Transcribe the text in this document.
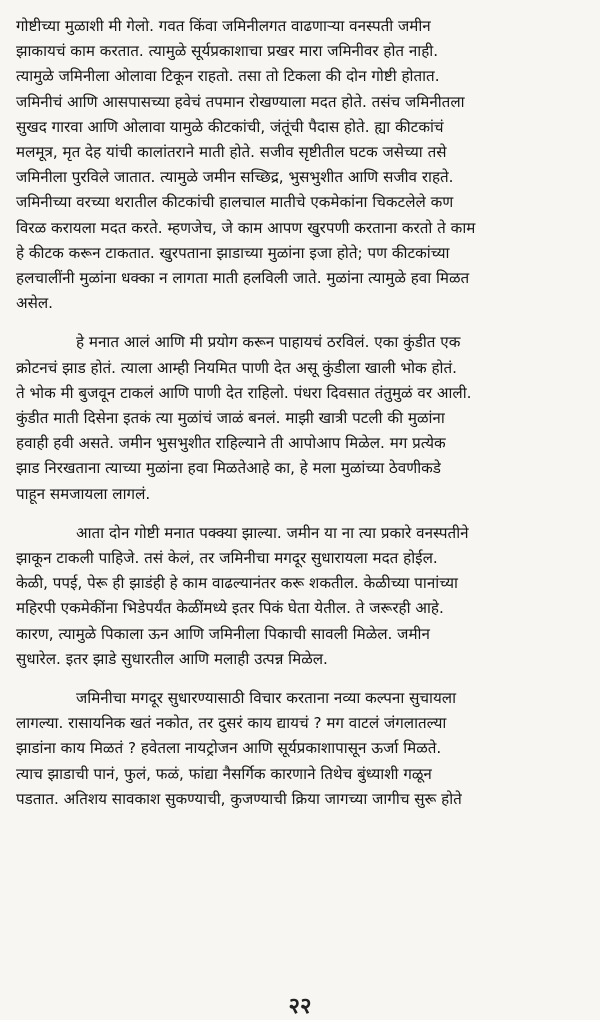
गोष्टीच्या मुळाशी मी गेलो. गवत किंवा जमिनीलगत वाढणाऱ्या वनस्पती जमीन
झाकायचं काम करतात. त्यामुळे सूर्यप्रकाशाचा प्रखर मारा जमिनीवर होत नाही.
त्यामुळे जमिनीला ओलावा टिकून राहतो. तसा तो टिकला की दोन गोष्टी होतात.
जमिनीचं आणि आसपासच्या हवेचं तपमान रोखण्याला मदत होते. तसंच जमिनीतला
सुखद गारवा आणि ओलावा यामुळे कीटकांची, जंतूंची पैदास होते. ह्या कीटकांचं
मलमूत्र, मृत देह यांची कालांतराने माती होते. सजीव सृष्टीतील घटक जसेच्या तसे
जमिनीला पुरविले जातात. त्यामुळे जमीन सच्छिद्र, भुसभुशीत आणि सजीव राहते.
जमिनीच्या वरच्या थरातील कीटकांची हालचाल मातीचे एकमेकांना चिकटलेले कण
विरळ करायला मदत करते. म्हणजेच, जे काम आपण खुरपणी करताना करतो ते काम
हे कीटक करून टाकतात. खुरपताना झाडाच्या मुळांना इजा होते; पण कीटकांच्या
हलचालींनी मुळांना धक्का न लागता माती हलविली जाते. मुळांना त्यामुळे हवा मिळत
असेल.

हे मनात आलं आणि मी प्रयोग करून पाहायचं ठरविलं. एका कुंडीत एक
क्रोटनचं झाड होतं. त्याला आम्ही नियमित पाणी देत असू कुंडीला खाली भोक होतं.
ते भोक मी बुजवून टाकलं आणि पाणी देत राहिलो. पंधरा दिवसात तंतुमुळं वर आली.
कुंडीत माती दिसेना इतकं त्या मुळांचं जाळं बनलं. माझी खात्री पटली की मुळांना
हवाही हवी असते. जमीन भुसभुशीत राहिल्याने ती आपोआप मिळेल. मग प्रत्येक
झाड निरखताना त्याच्या मुळांना हवा मिळतेआहे का, हे मला मुळांच्या ठेवणीकडे
पाहून समजायला लागलं.

आता दोन गोष्टी मनात पक्क्या झाल्या. जमीन या ना त्या प्रकारे वनस्पतीने
झाकून टाकली पाहिजे. तसं केलं, तर जमिनीचा मगदूर सुधारायला मदत होईल.
केळी, पपई, पेरू ही झाडंही हे काम वाढल्यानंतर करू शकतील. केळीच्या पानांच्या
महिरपी एकमेकींना भिडेपर्यंत केळींमध्ये इतर पिकं घेता येतील. ते जरूरही आहे.
कारण, त्यामुळे पिकाला ऊन आणि जमिनीला पिकाची सावली मिळेल. जमीन
सुधारेल. इतर झाडे सुधारतील आणि मलाही उत्पन्न मिळेल.

जमिनीचा मगदूर सुधारण्यासाठी विचार करताना नव्या कल्पना सुचायला
लागल्या. रासायनिक खतं नकोत, तर दुसरं काय द्यायचं ? मग वाटलं जंगलातल्या
झाडांना काय मिळतं ? हवेतला नायट्रोजन आणि सूर्यप्रकाशापासून ऊर्जा मिळते.
त्याच झाडाची पानं, फुलं, फळं, फांद्या नैसर्गिक कारणाने तिथेच बुंध्याशी गळून
पडतात. अतिशय सावकाश सुकण्याची, कुजण्याची क्रिया जागच्या जागीच सुरू होते

२२
